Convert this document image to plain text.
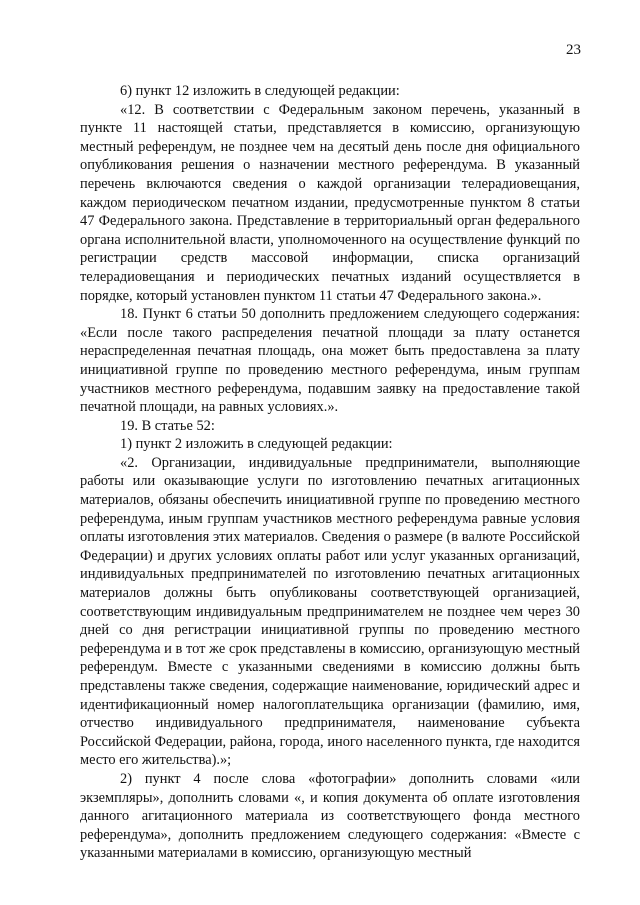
23

6) пункт 12 изложить в следующей редакции:

«12. В соответствии с Федеральным законом перечень, указанный в пункте 11 настоящей статьи, представляется в комиссию, организующую местный референдум, не позднее чем на десятый день после дня официального опубликования решения о назначении местного референдума. В указанный перечень включаются сведения о каждой организации телерадиовещания, каждом периодическом печатном издании, предусмотренные пунктом 8 статьи 47 Федерального закона. Представление в территориальный орган федерального органа исполнительной власти, уполномоченного на осуществление функций по регистрации средств массовой информации, списка организаций телерадиовещания и периодических печатных изданий осуществляется в порядке, который установлен пунктом 11 статьи 47 Федерального закона.».

18. Пункт 6 статьи 50 дополнить предложением следующего содержания: «Если после такого распределения печатной площади за плату останется нераспределенная печатная площадь, она может быть предоставлена за плату инициативной группе по проведению местного референдума, иным группам участников местного референдума, подавшим заявку на предоставление такой печатной площади, на равных условиях.».

19. В статье 52:

1) пункт 2 изложить в следующей редакции:

«2. Организации, индивидуальные предприниматели, выполняющие работы или оказывающие услуги по изготовлению печатных агитационных материалов, обязаны обеспечить инициативной группе по проведению местного референдума, иным группам участников местного референдума равные условия оплаты изготовления этих материалов. Сведения о размере (в валюте Российской Федерации) и других условиях оплаты работ или услуг указанных организаций, индивидуальных предпринимателей по изготовлению печатных агитационных материалов должны быть опубликованы соответствующей организацией, соответствующим индивидуальным предпринимателем не позднее чем через 30 дней со дня регистрации инициативной группы по проведению местного референдума и в тот же срок представлены в комиссию, организующую местный референдум. Вместе с указанными сведениями в комиссию должны быть представлены также сведения, содержащие наименование, юридический адрес и идентификационный номер налогоплательщика организации (фамилию, имя, отчество индивидуального предпринимателя, наименование субъекта Российской Федерации, района, города, иного населенного пункта, где находится место его жительства).»;

2) пункт 4 после слова «фотографии» дополнить словами «или экземпляры», дополнить словами «, и копия документа об оплате изготовления данного агитационного материала из соответствующего фонда местного референдума», дополнить предложением следующего содержания: «Вместе с указанными материалами в комиссию, организующую местный
